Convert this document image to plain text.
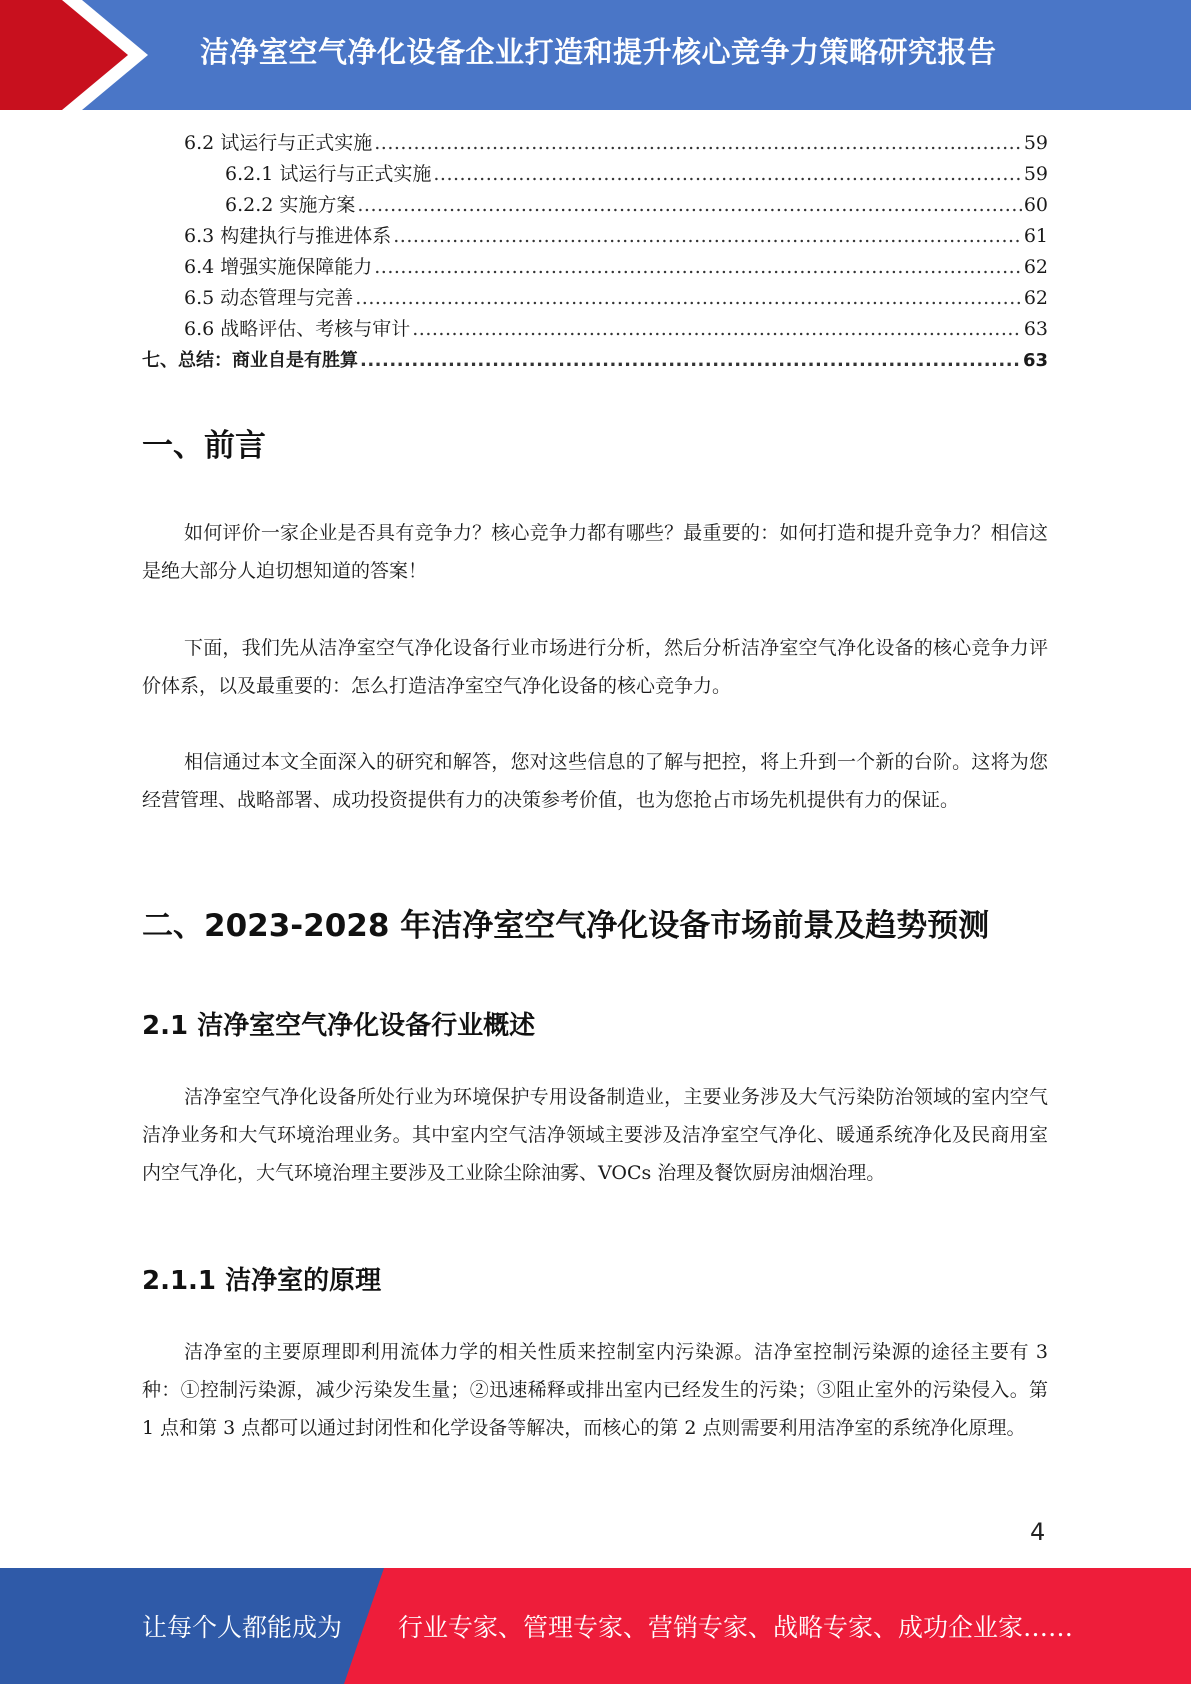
洁净室空气净化设备企业打造和提升核心竞争力策略研究报告
6.2 试运行与正式实施 .....	59
6.2.1 试运行与正式实施 .....	59
6.2.2 实施方案 .....	60
6.3 构建执行与推进体系 .....	61
6.4 增强实施保障能力 .....	62
6.5 动态管理与完善 .....	62
6.6 战略评估、考核与审计 .....	63
七、总结：商业自是有胜算 .....	63
一、前言

如何评价一家企业是否具有竞争力？核心竞争力都有哪些？最重要的：如何打造和提升竞争力？相信这是绝大部分人迫切想知道的答案！

下面，我们先从洁净室空气净化设备行业市场进行分析，然后分析洁净室空气净化设备的核心竞争力评价体系，以及最重要的：怎么打造洁净室空气净化设备的核心竞争力。

相信通过本文全面深入的研究和解答，您对这些信息的了解与把控，将上升到一个新的台阶。这将为您经营管理、战略部署、成功投资提供有力的决策参考价值，也为您抢占市场先机提供有力的保证。

二、2023-2028 年洁净室空气净化设备市场前景及趋势预测
2.1 洁净室空气净化设备行业概述

洁净室空气净化设备所处行业为环境保护专用设备制造业，主要业务涉及大气污染防治领域的室内空气洁净业务和大气环境治理业务。其中室内空气洁净领域主要涉及洁净室空气净化、暖通系统净化及民商用室内空气净化，大气环境治理主要涉及工业除尘除油雾、VOCs 治理及餐饮厨房油烟治理。

2.1.1 洁净室的原理

洁净室的主要原理即利用流体力学的相关性质来控制室内污染源。洁净室控制污染源的途径主要有 3 种：①控制污染源，减少污染发生量；②迅速稀释或排出室内已经发生的污染；③阻止室外的污染侵入。第 1 点和第 3 点都可以通过封闭性和化学设备等解决，而核心的第 2 点则需要利用洁净室的系统净化原理。

4
让每个人都能成为 行业专家、管理专家、营销专家、战略专家、成功企业家……
